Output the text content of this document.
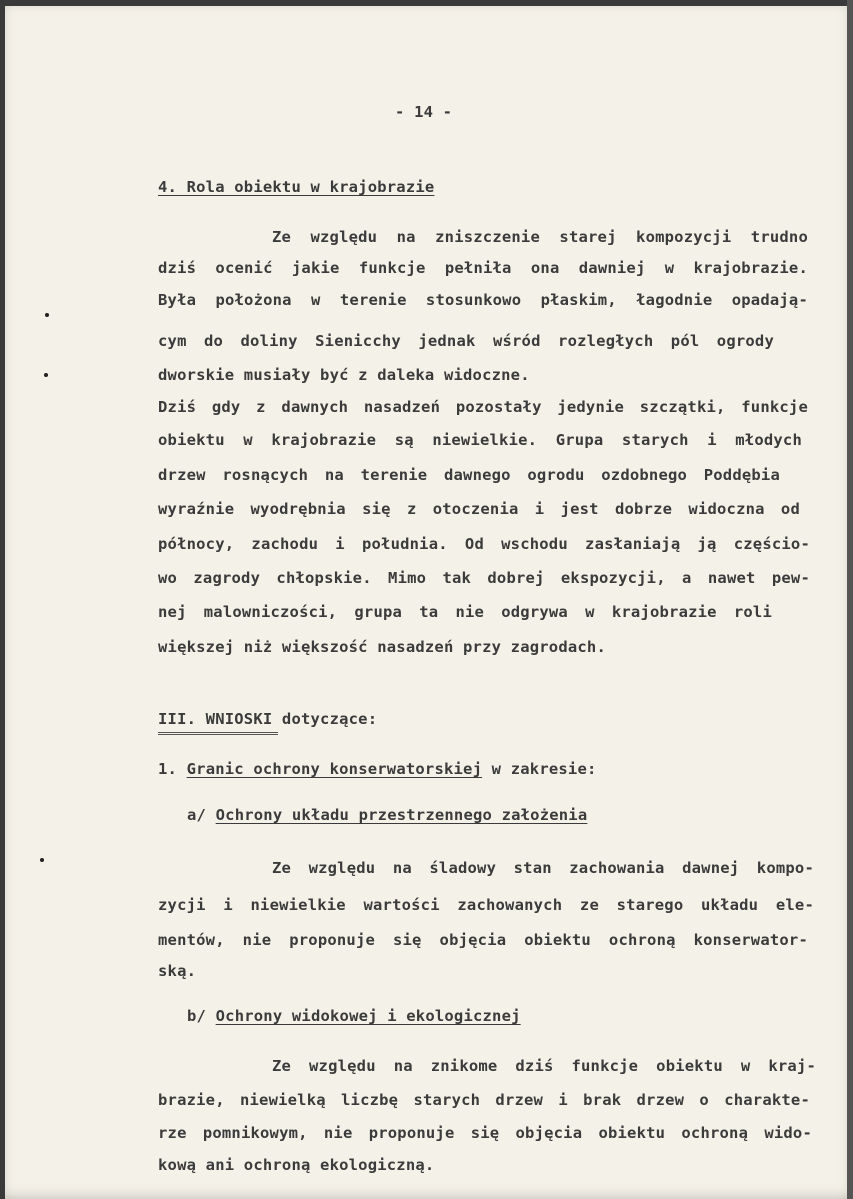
- 14 -
4. Rola obiektu w krajobrazie
Ze względu na zniszczenie starej kompozycji trudno
dziś ocenić jakie funkcje pełniła ona dawniej w krajobrazie.
Była położona w terenie stosunkowo płaskim, łagodnie opadają-
cym do doliny Sienicchy jednak wśród rozległych pól ogrody
dworskie musiały być z daleka widoczne.
Dziś gdy z dawnych nasadzeń pozostały jedynie szczątki, funkcje
obiektu w krajobrazie są niewielkie. Grupa starych i młodych
drzew rosnących na terenie dawnego ogrodu ozdobnego Poddębia
wyraźnie wyodrębnia się z otoczenia i jest dobrze widoczna od
północy, zachodu i południa. Od wschodu zasłaniają ją częścio-
wo zagrody chłopskie. Mimo tak dobrej ekspozycji, a nawet pew-
nej malowniczości, grupa ta nie odgrywa w krajobrazie roli
większej niż większość nasadzeń przy zagrodach.
III. WNIOSKI dotyczące:
1. Granic ochrony konserwatorskiej w zakresie:
a/ Ochrony układu przestrzennego założenia
Ze względu na śladowy stan zachowania dawnej kompo-
zycji i niewielkie wartości zachowanych ze starego układu ele-
mentów, nie proponuje się objęcia obiektu ochroną konserwator-
ską.
b/ Ochrony widokowej i ekologicznej
Ze względu na znikome dziś funkcje obiektu w kraj-
brazie, niewielką liczbę starych drzew i brak drzew o charakte-
rze pomnikowym, nie proponuje się objęcia obiektu ochroną wido-
kową ani ochroną ekologiczną.
